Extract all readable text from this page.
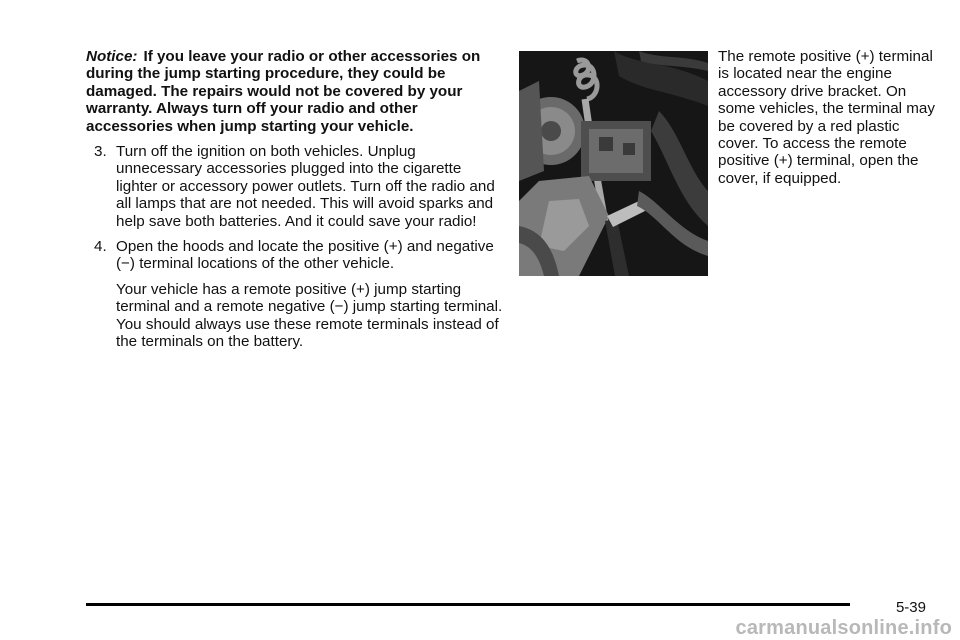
Notice: If you leave your radio or other accessories on during the jump starting procedure, they could be damaged. The repairs would not be covered by your warranty. Always turn off your radio and other accessories when jump starting your vehicle.

3. Turn off the ignition on both vehicles. Unplug unnecessary accessories plugged into the cigarette lighter or accessory power outlets. Turn off the radio and all lamps that are not needed. This will avoid sparks and help save both batteries. And it could save your radio!
4. Open the hoods and locate the positive (+) and negative (−) terminal locations of the other vehicle.

Your vehicle has a remote positive (+) jump starting terminal and a remote negative (−) jump starting terminal. You should always use these remote terminals instead of the terminals on the battery.

The remote positive (+) terminal is located near the engine accessory drive bracket. On some vehicles, the terminal may be covered by a red plastic cover. To access the remote positive (+) terminal, open the cover, if equipped.

5-39
carmanualsonline.info
